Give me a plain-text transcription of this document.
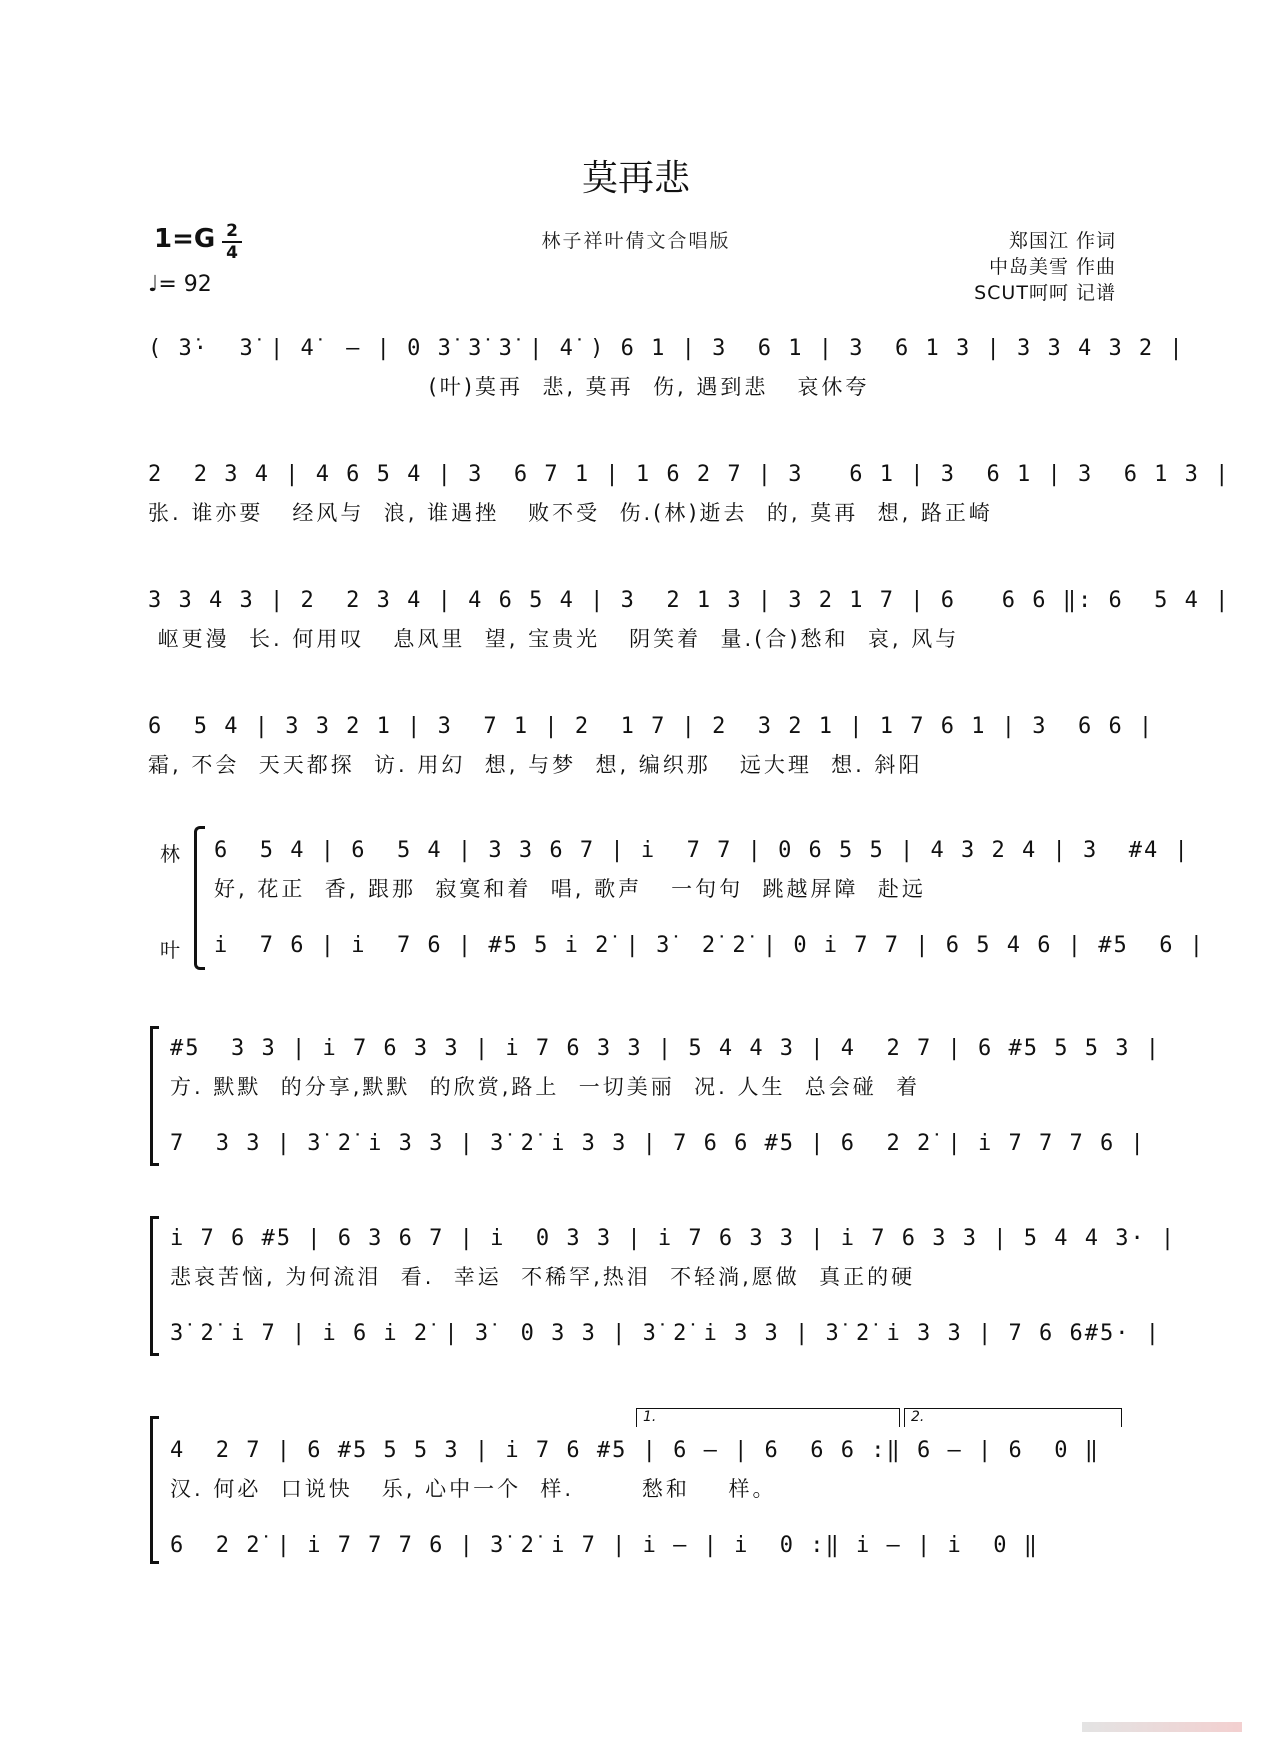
莫再悲
林子祥叶倩文合唱版
1=G 2
4
♩= 92
郑国江 作词
中岛美雪 作曲
SCUT呵呵 记谱
( 3̇·  3̇ | 4̇  – | 0 3̇ 3̇ 3̇ | 4̇ ) 6 1 | 3  6 1 | 3  6 1 3 | 3 3 4 3 2 |
(叶)莫再  悲, 莫再  伤, 遇到悲   哀休夸
2  2 3 4 | 4 6 5 4 | 3  6 7 1 | 1 6 2 7 | 3   6 1 | 3  6 1 | 3  6 1 3 |
张. 谁亦要   经风与  浪, 谁遇挫   败不受  伤.(林)逝去  的, 莫再  想, 路正崎
3 3 4 3 | 2  2 3 4 | 4 6 5 4 | 3  2 1 3 | 3 2 1 7 | 6   6 6 ‖: 6  5 4 |
岖更漫  长. 何用叹   息风里  望, 宝贵光   阴笑着  量.(合)愁和  哀, 风与
6  5 4 | 3 3 2 1 | 3  7 1 | 2  1 7 | 2  3 2 1 | 1 7 6 1 | 3  6 6 |
霜, 不会  天天都探  访. 用幻  想, 与梦  想, 编织那   远大理  想. 斜阳
林
叶
6  5 4 | 6  5 4 | 3 3 6 7 | i  7 7 | 0 6 5 5 | 4 3 2 4 | 3  #4 |
好, 花正  香, 跟那  寂寞和着  唱, 歌声   一句句  跳越屏障  赴远
i  7 6 | i  7 6 | #5 5 i 2̇ | 3̇  2̇ 2̇ | 0 i 7 7 | 6 5 4 6 | #5  6 |
#5  3 3 | i 7 6 3 3 | i 7 6 3 3 | 5 4 4 3 | 4  2 7 | 6 #5 5 5 3 |
方. 默默  的分享,默默  的欣赏,路上  一切美丽  况. 人生  总会碰  着
7  3 3 | 3̇ 2̇ i 3 3 | 3̇ 2̇ i 3 3 | 7 6 6 #5 | 6  2 2̇ | i 7 7 7 6 |
i 7 6 #5 | 6 3 6 7 | i  0 3 3 | i 7 6 3 3 | i 7 6 3 3 | 5 4 4 3· |
悲哀苦恼, 为何流泪  看.  幸运  不稀罕,热泪  不轻淌,愿做  真正的硬
3̇ 2̇ i 7 | i 6 i 2̇ | 3̇  0 3 3 | 3̇ 2̇ i 3 3 | 3̇ 2̇ i 3 3 | 7 6 6#5· |
1.	2.
4  2 7 | 6 #5 5 5 3 | i 7 6 #5 | 6 – | 6  6 6 :‖ 6 – | 6  0 ‖
汉. 何必  口说快   乐, 心中一个  样.       愁和    样。
6  2 2̇ | i 7 7 7 6 | 3̇ 2̇ i 7 | i – | i  0 :‖ i – | i  0 ‖
